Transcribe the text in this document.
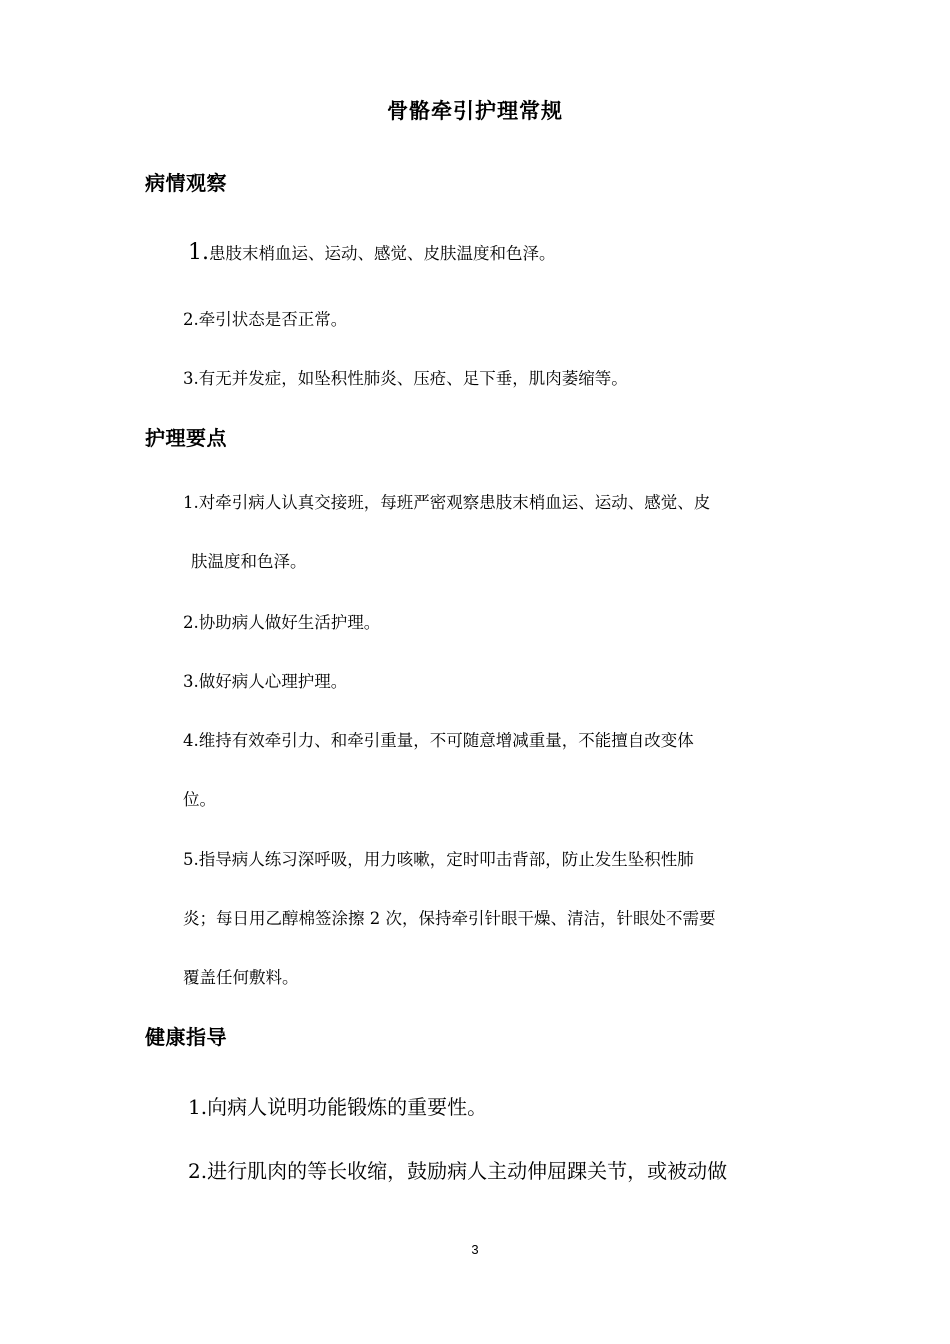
骨骼牵引护理常规
病情观察
1.患肢末梢血运、运动、感觉、皮肤温度和色泽。
2.牵引状态是否正常。
3.有无并发症，如坠积性肺炎、压疮、足下垂，肌肉萎缩等。
护理要点
1.对牵引病人认真交接班，每班严密观察患肢末梢血运、运动、感觉、皮
肤温度和色泽。
2.协助病人做好生活护理。
3.做好病人心理护理。
4.维持有效牵引力、和牵引重量，不可随意增减重量，不能擅自改变体
位。
5.指导病人练习深呼吸，用力咳嗽，定时叩击背部，防止发生坠积性肺
炎；每日用乙醇棉签涂擦 2 次，保持牵引针眼干燥、清洁，针眼处不需要
覆盖任何敷料。
健康指导
1.向病人说明功能锻炼的重要性。
2.进行肌肉的等长收缩，鼓励病人主动伸屈踝关节，或被动做
3
